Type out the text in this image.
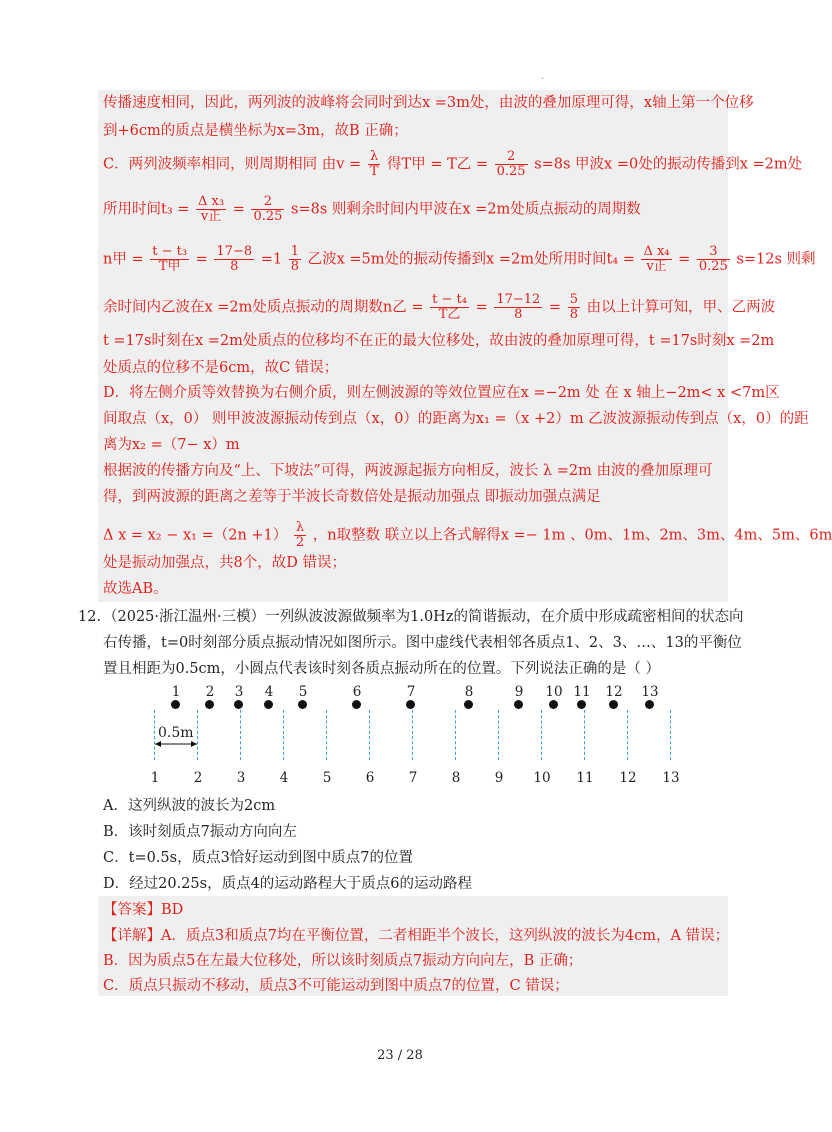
·
传播速度相同，因此，两列波的波峰将会同时到达x =3m处，由波的叠加原理可得，x轴上第一个位移
到+6cm的质点是横坐标为x=3m，故B 正确；
C．两列波频率相同，则周期相同 由$v = \frac{\lambda}{T}$ 得T甲 = T乙 = $\frac{2}{0.25} s=8s$ 甲波x =0处的振动传播到x =2m处
所用时间$t_3 = \frac{\text{Δ x₃}}{\text{v正}} = \frac{2}{0.25} s=8s$ 则剩余时间内甲波在x =2m处质点振动的周期数
n甲 = $\frac{\text{t − t₃}}{\text{T甲}} = \frac{17-8}{8} =1 \frac{1}{8}$ 乙波x =5m处的振动传播到x =2m处所用时间$t_4 = \frac{\text{Δ x₄}}{\text{v正}} = \frac{3}{0.25} s=12s$ 则剩
余时间内乙波在x =2m处质点振动的周期数n乙 = $\frac{\text{t − t₄}}{\text{T乙}} = \frac{17-12}{8} = \frac{5}{8}$ 由以上计算可知，甲、乙两波
t =17s时刻在x =2m处质点的位移均不在正的最大位移处，故由波的叠加原理可得，t =17s时刻x =2m
处质点的位移不是6cm，故C 错误；
D．将左侧介质等效替换为右侧介质，则左侧波源的等效位置应在x =−2m 处 在 x 轴上−2m< x <7m区
间取点（x，0） 则甲波波源振动传到点（x，0）的距离为x₁ =（x +2）m 乙波波源振动传到点（x，0）的距
离为x₂ =（7− x）m
根据波的传播方向及“上、下坡法”可得，两波源起振方向相反，波长 λ =2m 由波的叠加原理可
得，到两波源的距离之差等于半波长奇数倍处是振动加强点 即振动加强点满足
Δ $x = x_2 - x_1 =(2n +1) \frac{\lambda}{2}$ ，n取整数 联立以上各式解得x =− 1m 、0m、1m、2m、3m、4m、5m、6m
处是振动加强点，共8个，故D 错误；
故选AB。
12. （2025·浙江温州·三模）一列纵波波源做频率为1.0Hz的简谐振动，在介质中形成疏密相间的状态向
右传播，t=0时刻部分质点振动情况如图所示。图中虚线代表相邻各质点1、2、3、…、13的平衡位
置且相距为0.5cm，小圆点代表该时刻各质点振动所在的位置。下列说法正确的是（ ）
1 2 3 4 5	6	7	8	9 10 11 12 13
0.5m
1	2	3	4	5	6	7	8	9 10 11 12 13
A．这列纵波的波长为2cm
B．该时刻质点7振动方向向左
C．t=0.5s，质点3恰好运动到图中质点7的位置
D．经过20.25s，质点4的运动路程大于质点6的运动路程
【答案】BD
【详解】A．质点3和质点7均在平衡位置，二者相距半个波长，这列纵波的波长为4cm，A 错误；
B．因为质点5在左最大位移处，所以该时刻质点7振动方向向左，B 正确；
C．质点只振动不移动，质点3不可能运动到图中质点7的位置，C 错误；
23 / 28
